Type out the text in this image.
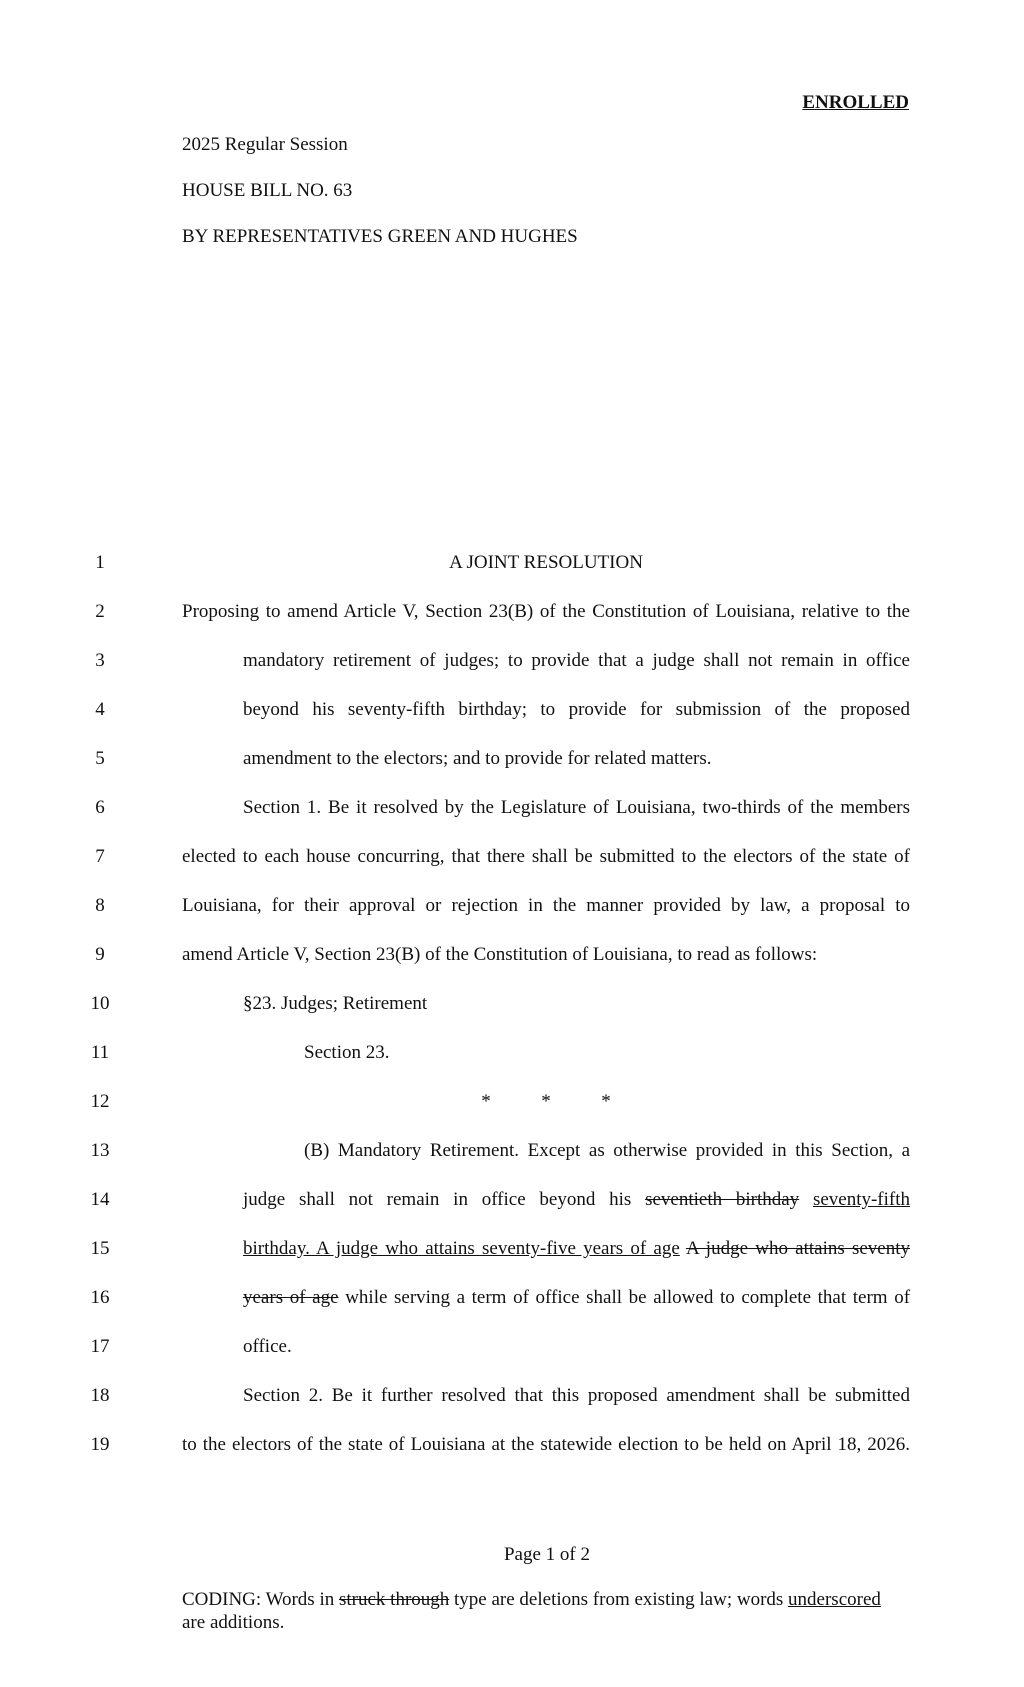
ENROLLED
2025 Regular Session
HOUSE BILL NO. 63
BY REPRESENTATIVES GREEN AND HUGHES
1
2
3
4
5
6
7
8
9
10
11
12
13
14
15
16
17
18
19
A JOINT RESOLUTION
Proposing to amend Article V, Section 23(B) of the Constitution of Louisiana, relative to the
mandatory retirement of judges; to provide that a judge shall not remain in office
beyond his seventy-fifth birthday; to provide for submission of the proposed
amendment to the electors; and to provide for related matters.
Section 1. Be it resolved by the Legislature of Louisiana, two-thirds of the members
elected to each house concurring, that there shall be submitted to the electors of the state of
Louisiana, for their approval or rejection in the manner provided by law, a proposal to
amend Article V, Section 23(B) of the Constitution of Louisiana, to read as follows:
§23. Judges; Retirement
Section 23.
*	*	*
(B) Mandatory Retirement. Except as otherwise provided in this Section, a
judge shall not remain in office beyond his seventieth birthday seventy-fifth
birthday. A judge who attains seventy-five years of age A judge who attains seventy
years of age while serving a term of office shall be allowed to complete that term of
office.
Section 2. Be it further resolved that this proposed amendment shall be submitted
to the electors of the state of Louisiana at the statewide election to be held on April 18, 2026.
Page 1 of 2
CODING: Words in struck through type are deletions from existing law; words underscored
are additions.
